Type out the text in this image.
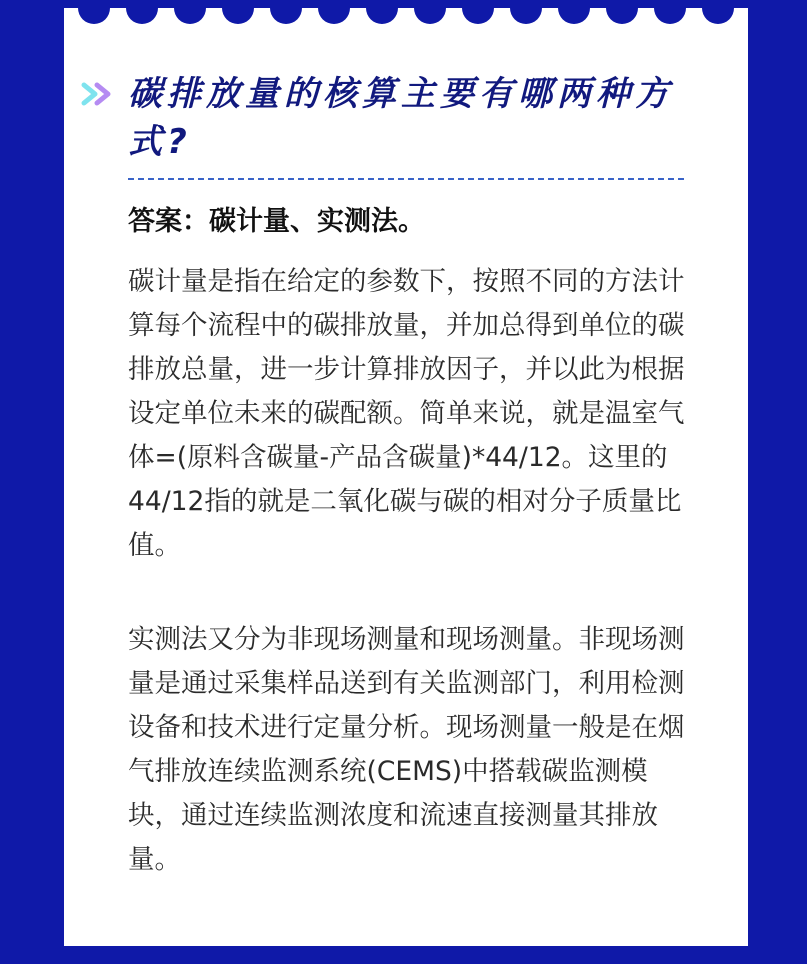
碳排放量的核算主要有哪两种方式?

答案：碳计量、实测法。

碳计量是指在给定的参数下，按照不同的方法计算每个流程中的碳排放量，并加总得到单位的碳排放总量，进一步计算排放因子，并以此为根据设定单位未来的碳配额。简单来说，就是温室气体=(原料含碳量-产品含碳量)*44/12。这里的44/12指的就是二氧化碳与碳的相对分子质量比值。

实测法又分为非现场测量和现场测量。非现场测量是通过采集样品送到有关监测部门，利用检测设备和技术进行定量分析。现场测量一般是在烟气排放连续监测系统(CEMS)中搭载碳监测模块，通过连续监测浓度和流速直接测量其排放量。
